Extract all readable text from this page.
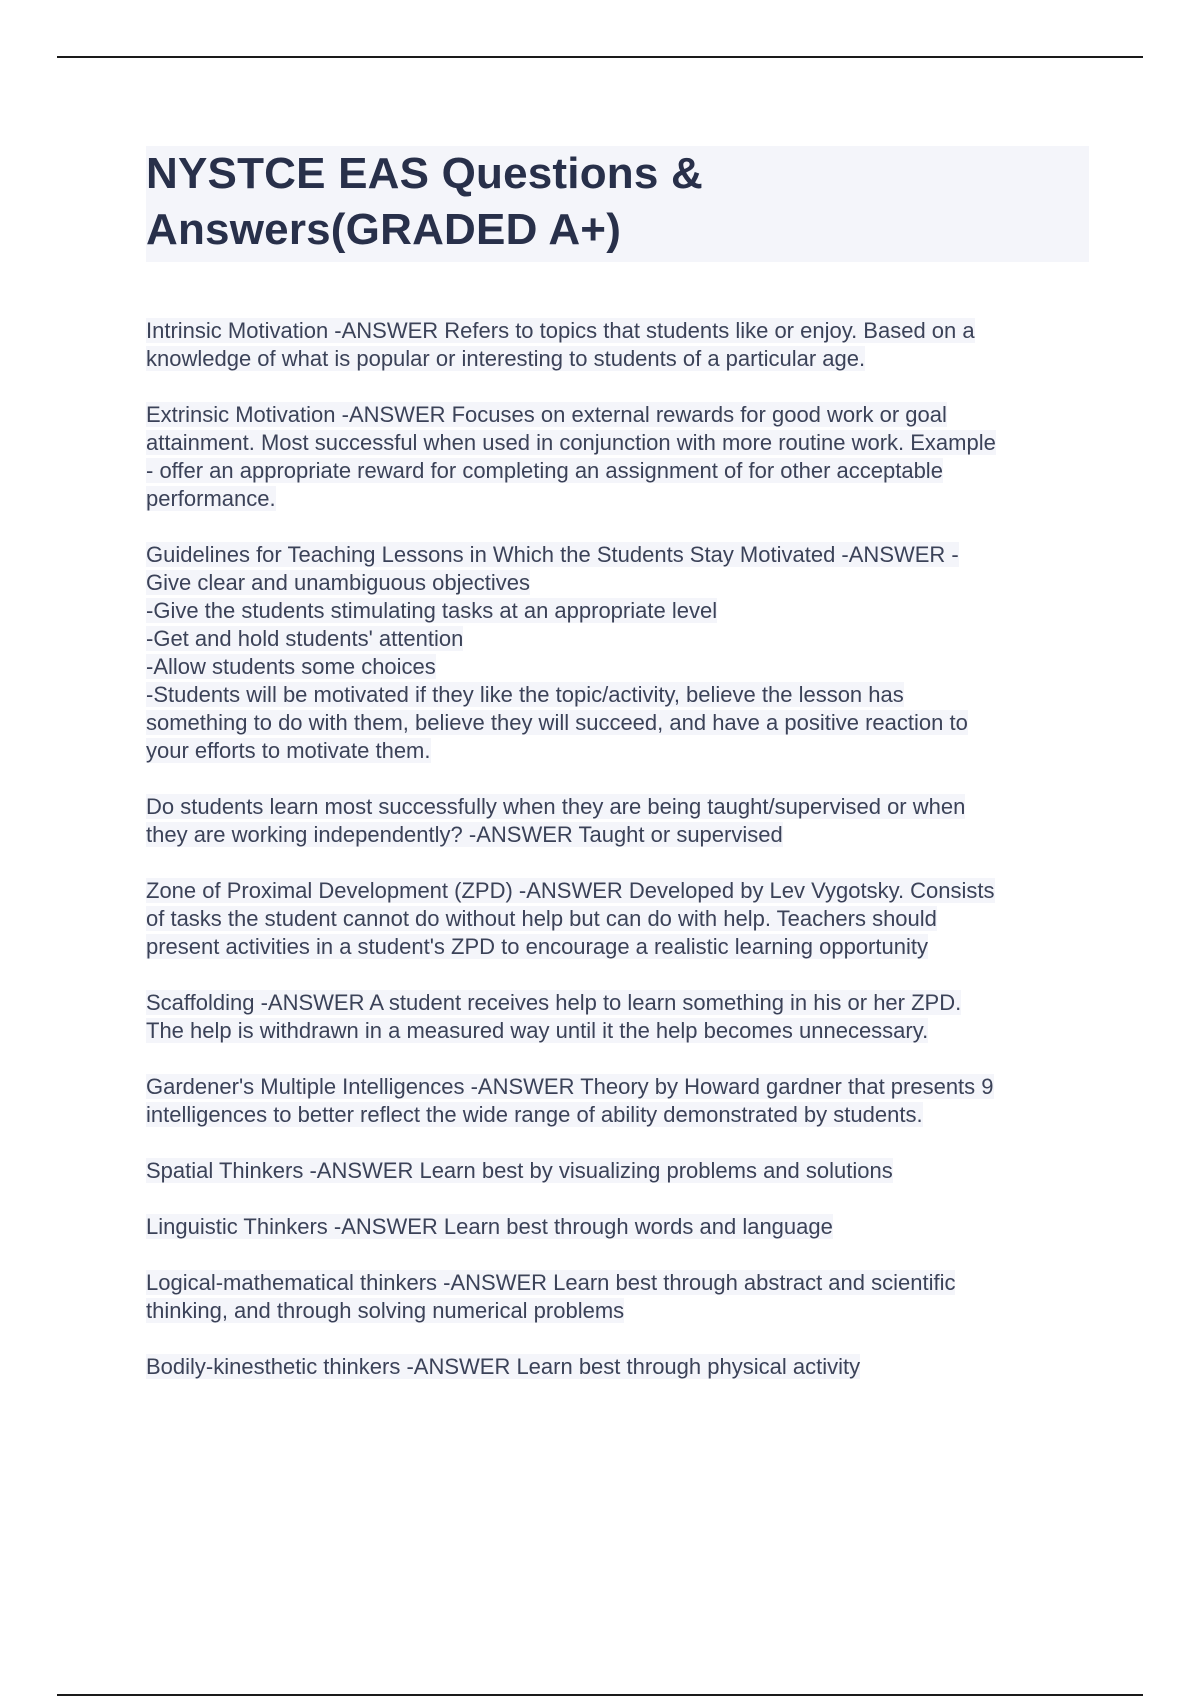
NYSTCE EAS Questions &
Answers(GRADED A+)

Intrinsic Motivation -ANSWER Refers to topics that students like or enjoy. Based on a
knowledge of what is popular or interesting to students of a particular age.

Extrinsic Motivation -ANSWER Focuses on external rewards for good work or goal
attainment. Most successful when used in conjunction with more routine work. Example
- offer an appropriate reward for completing an assignment of for other acceptable
performance.

Guidelines for Teaching Lessons in Which the Students Stay Motivated -ANSWER -
Give clear and unambiguous objectives
-Give the students stimulating tasks at an appropriate level
-Get and hold students' attention
-Allow students some choices
-Students will be motivated if they like the topic/activity, believe the lesson has
something to do with them, believe they will succeed, and have a positive reaction to
your efforts to motivate them.

Do students learn most successfully when they are being taught/supervised or when
they are working independently? -ANSWER Taught or supervised

Zone of Proximal Development (ZPD) -ANSWER Developed by Lev Vygotsky. Consists
of tasks the student cannot do without help but can do with help. Teachers should
present activities in a student's ZPD to encourage a realistic learning opportunity

Scaffolding -ANSWER A student receives help to learn something in his or her ZPD.
The help is withdrawn in a measured way until it the help becomes unnecessary.

Gardener's Multiple Intelligences -ANSWER Theory by Howard gardner that presents 9
intelligences to better reflect the wide range of ability demonstrated by students.

Spatial Thinkers -ANSWER Learn best by visualizing problems and solutions

Linguistic Thinkers -ANSWER Learn best through words and language

Logical-mathematical thinkers -ANSWER Learn best through abstract and scientific
thinking, and through solving numerical problems

Bodily-kinesthetic thinkers -ANSWER Learn best through physical activity
